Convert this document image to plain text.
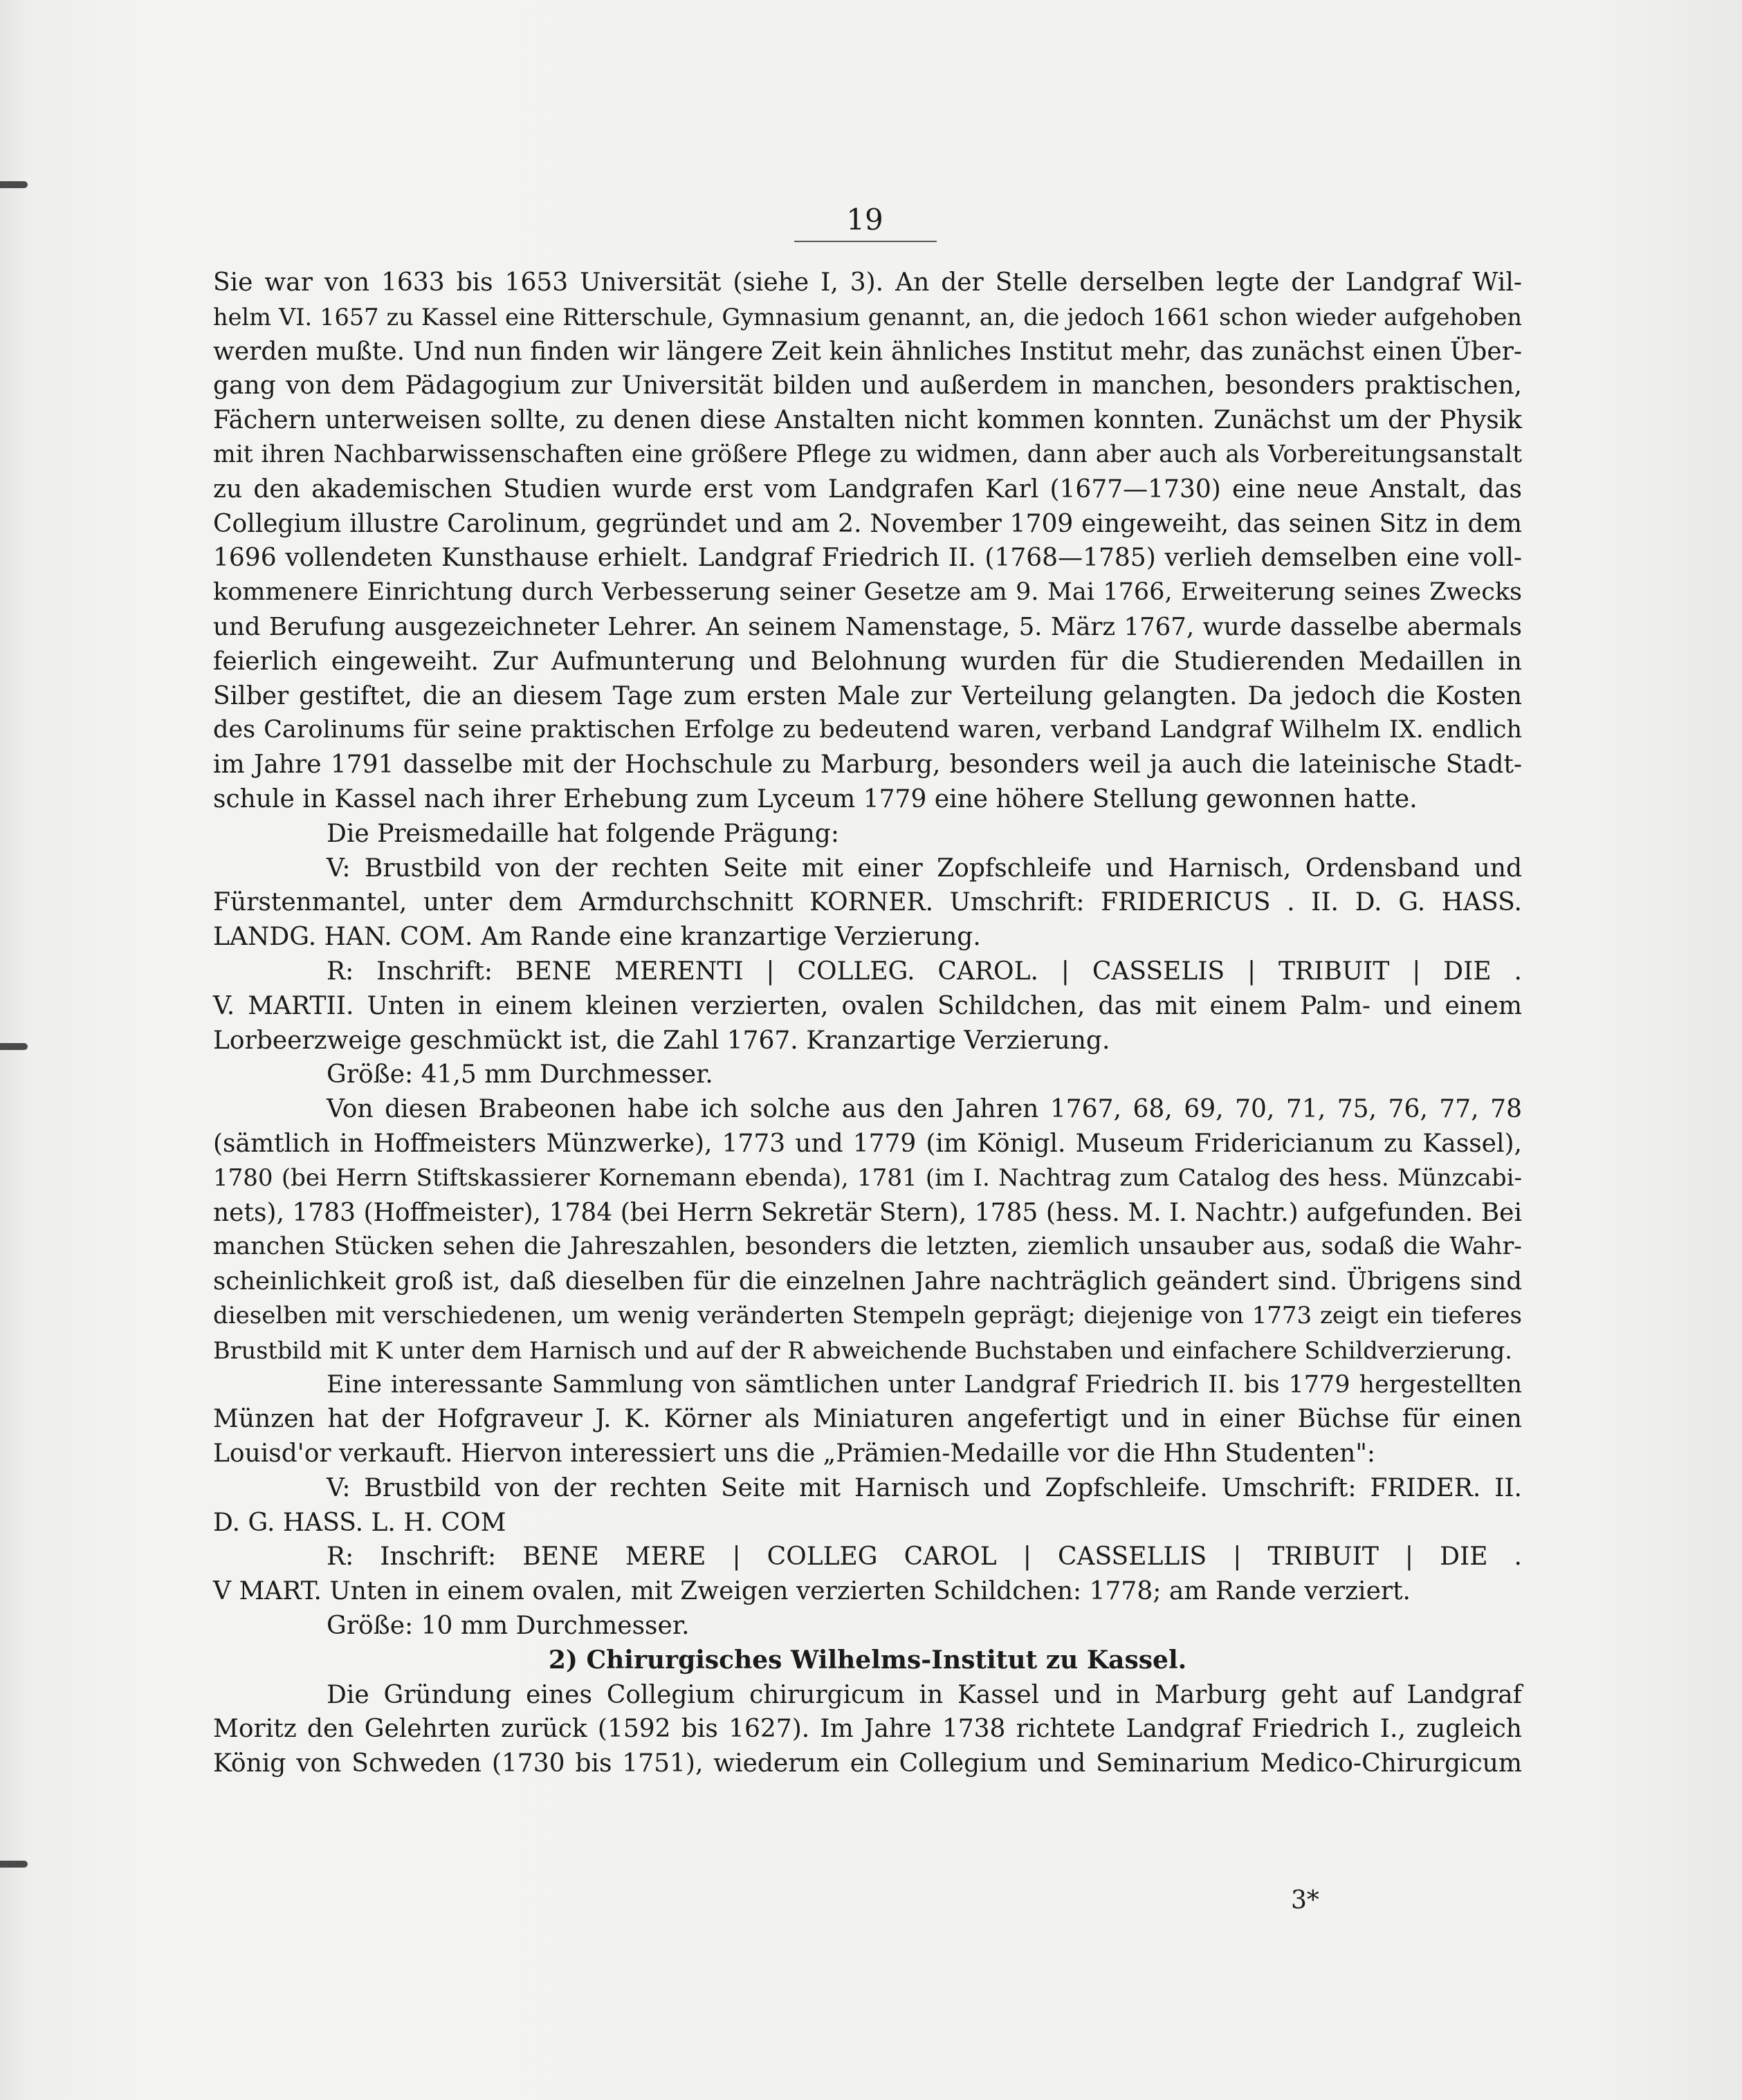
19
Sie war von 1633 bis 1653 Universität (siehe I, 3). An der Stelle derselben legte der Landgraf Wil-
helm VI. 1657 zu Kassel eine Ritterschule, Gymnasium genannt, an, die jedoch 1661 schon wieder aufgehoben
werden mußte. Und nun finden wir längere Zeit kein ähnliches Institut mehr, das zunächst einen Über-
gang von dem Pädagogium zur Universität bilden und außerdem in manchen, besonders praktischen,
Fächern unterweisen sollte, zu denen diese Anstalten nicht kommen konnten. Zunächst um der Physik
mit ihren Nachbarwissenschaften eine größere Pflege zu widmen, dann aber auch als Vorbereitungsanstalt
zu den akademischen Studien wurde erst vom Landgrafen Karl (1677—1730) eine neue Anstalt, das
Collegium illustre Carolinum, gegründet und am 2. November 1709 eingeweiht, das seinen Sitz in dem
1696 vollendeten Kunsthause erhielt. Landgraf Friedrich II. (1768—1785) verlieh demselben eine voll-
kommenere Einrichtung durch Verbesserung seiner Gesetze am 9. Mai 1766, Erweiterung seines Zwecks
und Berufung ausgezeichneter Lehrer. An seinem Namenstage, 5. März 1767, wurde dasselbe abermals
feierlich eingeweiht. Zur Aufmunterung und Belohnung wurden für die Studierenden Medaillen in
Silber gestiftet, die an diesem Tage zum ersten Male zur Verteilung gelangten. Da jedoch die Kosten
des Carolinums für seine praktischen Erfolge zu bedeutend waren, verband Landgraf Wilhelm IX. endlich
im Jahre 1791 dasselbe mit der Hochschule zu Marburg, besonders weil ja auch die lateinische Stadt-
schule in Kassel nach ihrer Erhebung zum Lyceum 1779 eine höhere Stellung gewonnen hatte.
Die Preismedaille hat folgende Prägung:
V: Brustbild von der rechten Seite mit einer Zopfschleife und Harnisch, Ordensband und
Fürstenmantel, unter dem Armdurchschnitt KORNER. Umschrift: FRIDERICUS . II. D. G. HASS.
LANDG. HAN. COM. Am Rande eine kranzartige Verzierung.
R: Inschrift: BENE MERENTI | COLLEG. CAROL. | CASSELIS | TRIBUIT | DIE .
V. MARTII. Unten in einem kleinen verzierten, ovalen Schildchen, das mit einem Palm- und einem
Lorbeerzweige geschmückt ist, die Zahl 1767. Kranzartige Verzierung.
Größe: 41,5 mm Durchmesser.
Von diesen Brabeonen habe ich solche aus den Jahren 1767, 68, 69, 70, 71, 75, 76, 77, 78
(sämtlich in Hoffmeisters Münzwerke), 1773 und 1779 (im Königl. Museum Fridericianum zu Kassel),
1780 (bei Herrn Stiftskassierer Kornemann ebenda), 1781 (im I. Nachtrag zum Catalog des hess. Münzcabi-
nets), 1783 (Hoffmeister), 1784 (bei Herrn Sekretär Stern), 1785 (hess. M. I. Nachtr.) aufgefunden. Bei
manchen Stücken sehen die Jahreszahlen, besonders die letzten, ziemlich unsauber aus, sodaß die Wahr-
scheinlichkeit groß ist, daß dieselben für die einzelnen Jahre nachträglich geändert sind. Übrigens sind
dieselben mit verschiedenen, um wenig veränderten Stempeln geprägt; diejenige von 1773 zeigt ein tieferes
Brustbild mit K unter dem Harnisch und auf der R abweichende Buchstaben und einfachere Schildverzierung.
Eine interessante Sammlung von sämtlichen unter Landgraf Friedrich II. bis 1779 hergestellten
Münzen hat der Hofgraveur J. K. Körner als Miniaturen angefertigt und in einer Büchse für einen
Louisd'or verkauft. Hiervon interessiert uns die „Prämien-Medaille vor die Hhn Studenten":
V: Brustbild von der rechten Seite mit Harnisch und Zopfschleife. Umschrift: FRIDER. II.
D. G. HASS. L. H. COM
R: Inschrift: BENE MERE | COLLEG CAROL | CASSELLIS | TRIBUIT | DIE .
V MART. Unten in einem ovalen, mit Zweigen verzierten Schildchen: 1778; am Rande verziert.
Größe: 10 mm Durchmesser.
2) Chirurgisches Wilhelms-Institut zu Kassel.
Die Gründung eines Collegium chirurgicum in Kassel und in Marburg geht auf Landgraf
Moritz den Gelehrten zurück (1592 bis 1627). Im Jahre 1738 richtete Landgraf Friedrich I., zugleich
König von Schweden (1730 bis 1751), wiederum ein Collegium und Seminarium Medico-Chirurgicum
3*
